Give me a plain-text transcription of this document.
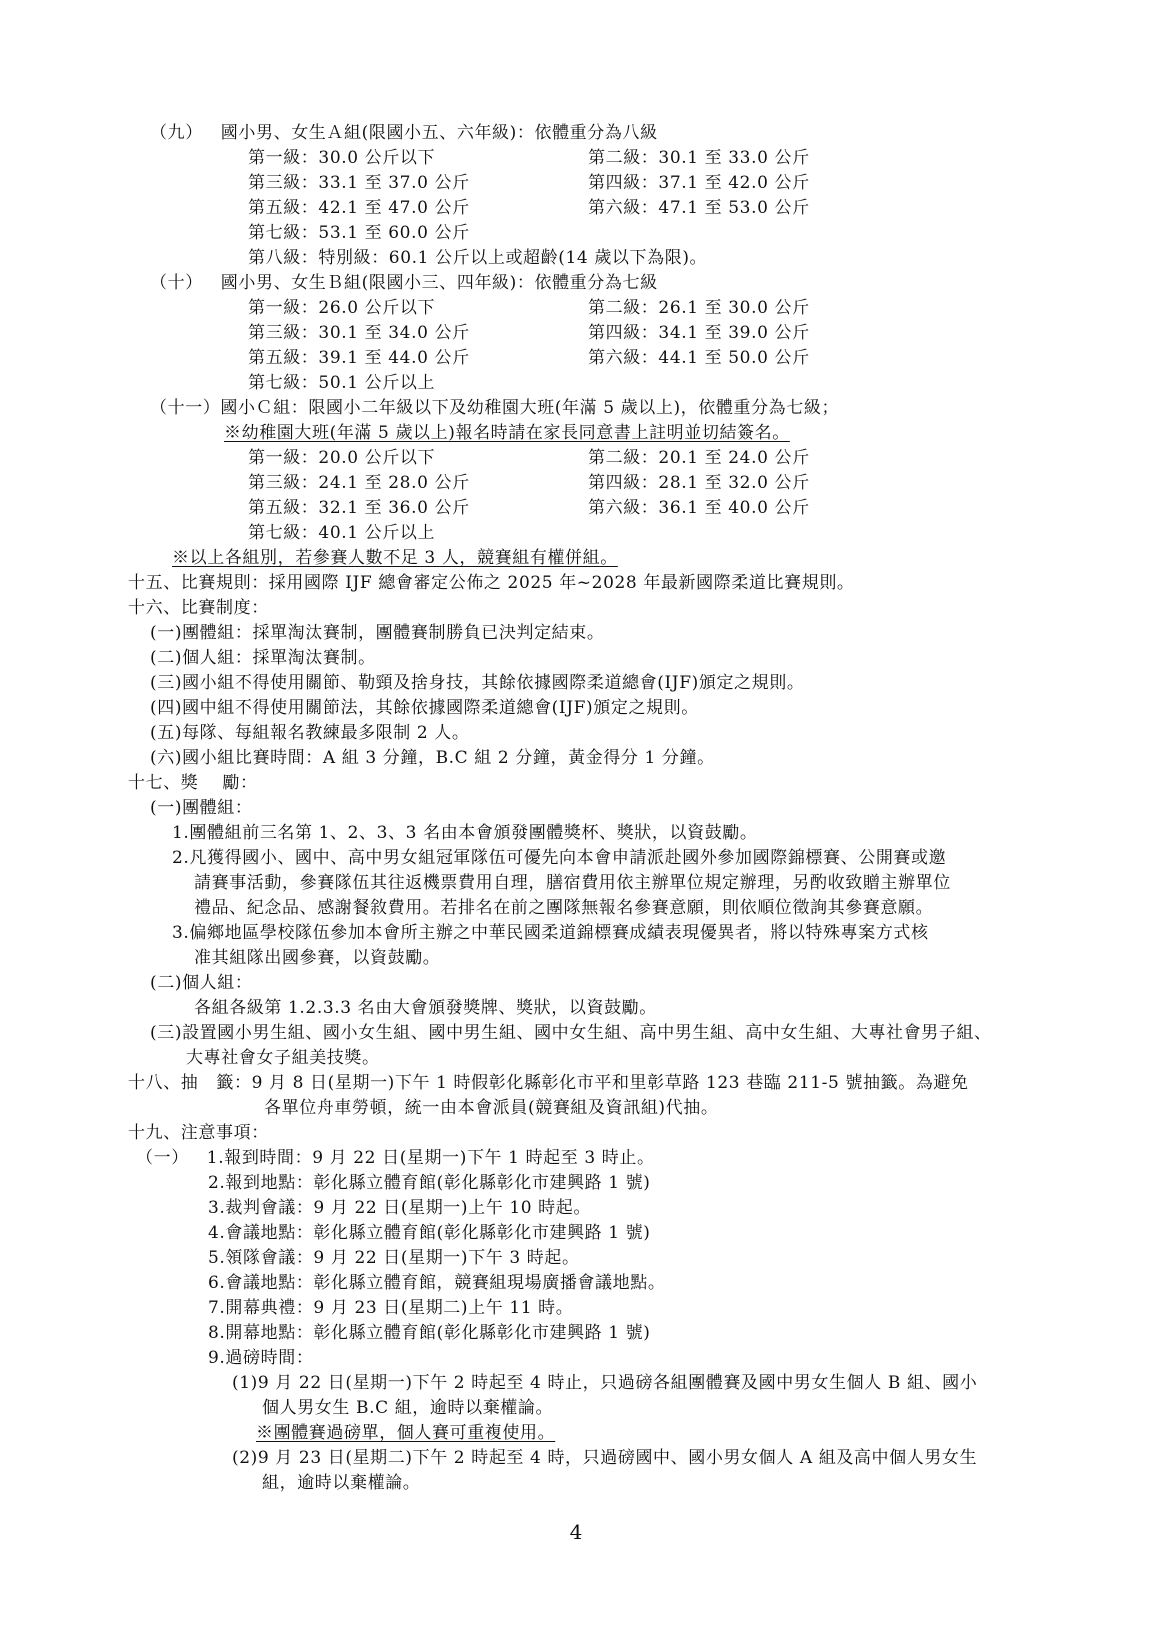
（九）   國小男、女生Ａ組(限國小五、六年級)：依體重分為八級
第一級：30.0 公斤以下	第二級：30.1 至 33.0 公斤
第三級：33.1 至 37.0 公斤	第四級：37.1 至 42.0 公斤
第五級：42.1 至 47.0 公斤	第六級：47.1 至 53.0 公斤
第七級：53.1 至 60.0 公斤
第八級：特別級：60.1 公斤以上或超齡(14 歲以下為限)。
（十）   國小男、女生Ｂ組(限國小三、四年級)：依體重分為七級
第一級：26.0 公斤以下	第二級：26.1 至 30.0 公斤
第三級：30.1 至 34.0 公斤	第四級：34.1 至 39.0 公斤
第五級：39.1 至 44.0 公斤	第六級：44.1 至 50.0 公斤
第七級：50.1 公斤以上
（十一）國小Ｃ組：限國小二年級以下及幼稚園大班(年滿 5 歲以上)，依體重分為七級；
※幼稚園大班(年滿 5 歲以上)報名時請在家長同意書上註明並切結簽名。
第一級：20.0 公斤以下	第二級：20.1 至 24.0 公斤
第三級：24.1 至 28.0 公斤	第四級：28.1 至 32.0 公斤
第五級：32.1 至 36.0 公斤	第六級：36.1 至 40.0 公斤
第七級：40.1 公斤以上
※以上各組別，若參賽人數不足 3 人，競賽組有權併組。
十五、比賽規則：採用國際 IJF 總會審定公佈之 2025 年~2028 年最新國際柔道比賽規則。
十六、比賽制度：
(一)團體組：採單淘汰賽制，團體賽制勝負已決判定結束。
(二)個人組：採單淘汰賽制。
(三)國小組不得使用關節、勒頸及捨身技，其餘依據國際柔道總會(IJF)頒定之規則。
(四)國中組不得使用關節法，其餘依據國際柔道總會(IJF)頒定之規則。
(五)每隊、每組報名教練最多限制 2 人。
(六)國小組比賽時間：A 組 3 分鐘，B.C 組 2 分鐘，黃金得分 1 分鐘。
十七、獎    勵：
(一)團體組：
1.團體組前三名第 1、2、3、3 名由本會頒發團體獎杯、獎狀，以資鼓勵。
2.凡獲得國小、國中、高中男女組冠軍隊伍可優先向本會申請派赴國外參加國際錦標賽、公開賽或邀
請賽事活動，參賽隊伍其往返機票費用自理，膳宿費用依主辦單位規定辦理，另酌收致贈主辦單位
禮品、紀念品、感謝餐敘費用。若排名在前之團隊無報名參賽意願，則依順位徵詢其參賽意願。
3.偏鄉地區學校隊伍參加本會所主辦之中華民國柔道錦標賽成績表現優異者，將以特殊專案方式核
准其組隊出國參賽，以資鼓勵。
(二)個人組：
各組各級第 1.2.3.3 名由大會頒發獎牌、獎狀，以資鼓勵。
(三)設置國小男生組、國小女生組、國中男生組、國中女生組、高中男生組、高中女生組、大專社會男子組、
大專社會女子組美技獎。
十八、抽   籤：9 月 8 日(星期一)下午 1 時假彰化縣彰化市平和里彰草路 123 巷臨 211-5 號抽籤。為避免
各單位舟車勞頓，統一由本會派員(競賽組及資訊組)代抽。
十九、注意事項：
（一）   1.報到時間：9 月 22 日(星期一)下午 1 時起至 3 時止。
2.報到地點：彰化縣立體育館(彰化縣彰化市建興路 1 號)
3.裁判會議：9 月 22 日(星期一)上午 10 時起。
4.會議地點：彰化縣立體育館(彰化縣彰化市建興路 1 號)
5.領隊會議：9 月 22 日(星期一)下午 3 時起。
6.會議地點：彰化縣立體育館，競賽組現場廣播會議地點。
7.開幕典禮：9 月 23 日(星期二)上午 11 時。
8.開幕地點：彰化縣立體育館(彰化縣彰化市建興路 1 號)
9.過磅時間：
(1)9 月 22 日(星期一)下午 2 時起至 4 時止，只過磅各組團體賽及國中男女生個人 B 組、國小
個人男女生 B.C 組，逾時以棄權論。
※團體賽過磅單，個人賽可重複使用。
(2)9 月 23 日(星期二)下午 2 時起至 4 時，只過磅國中、國小男女個人 A 組及高中個人男女生
組，逾時以棄權論。
4
